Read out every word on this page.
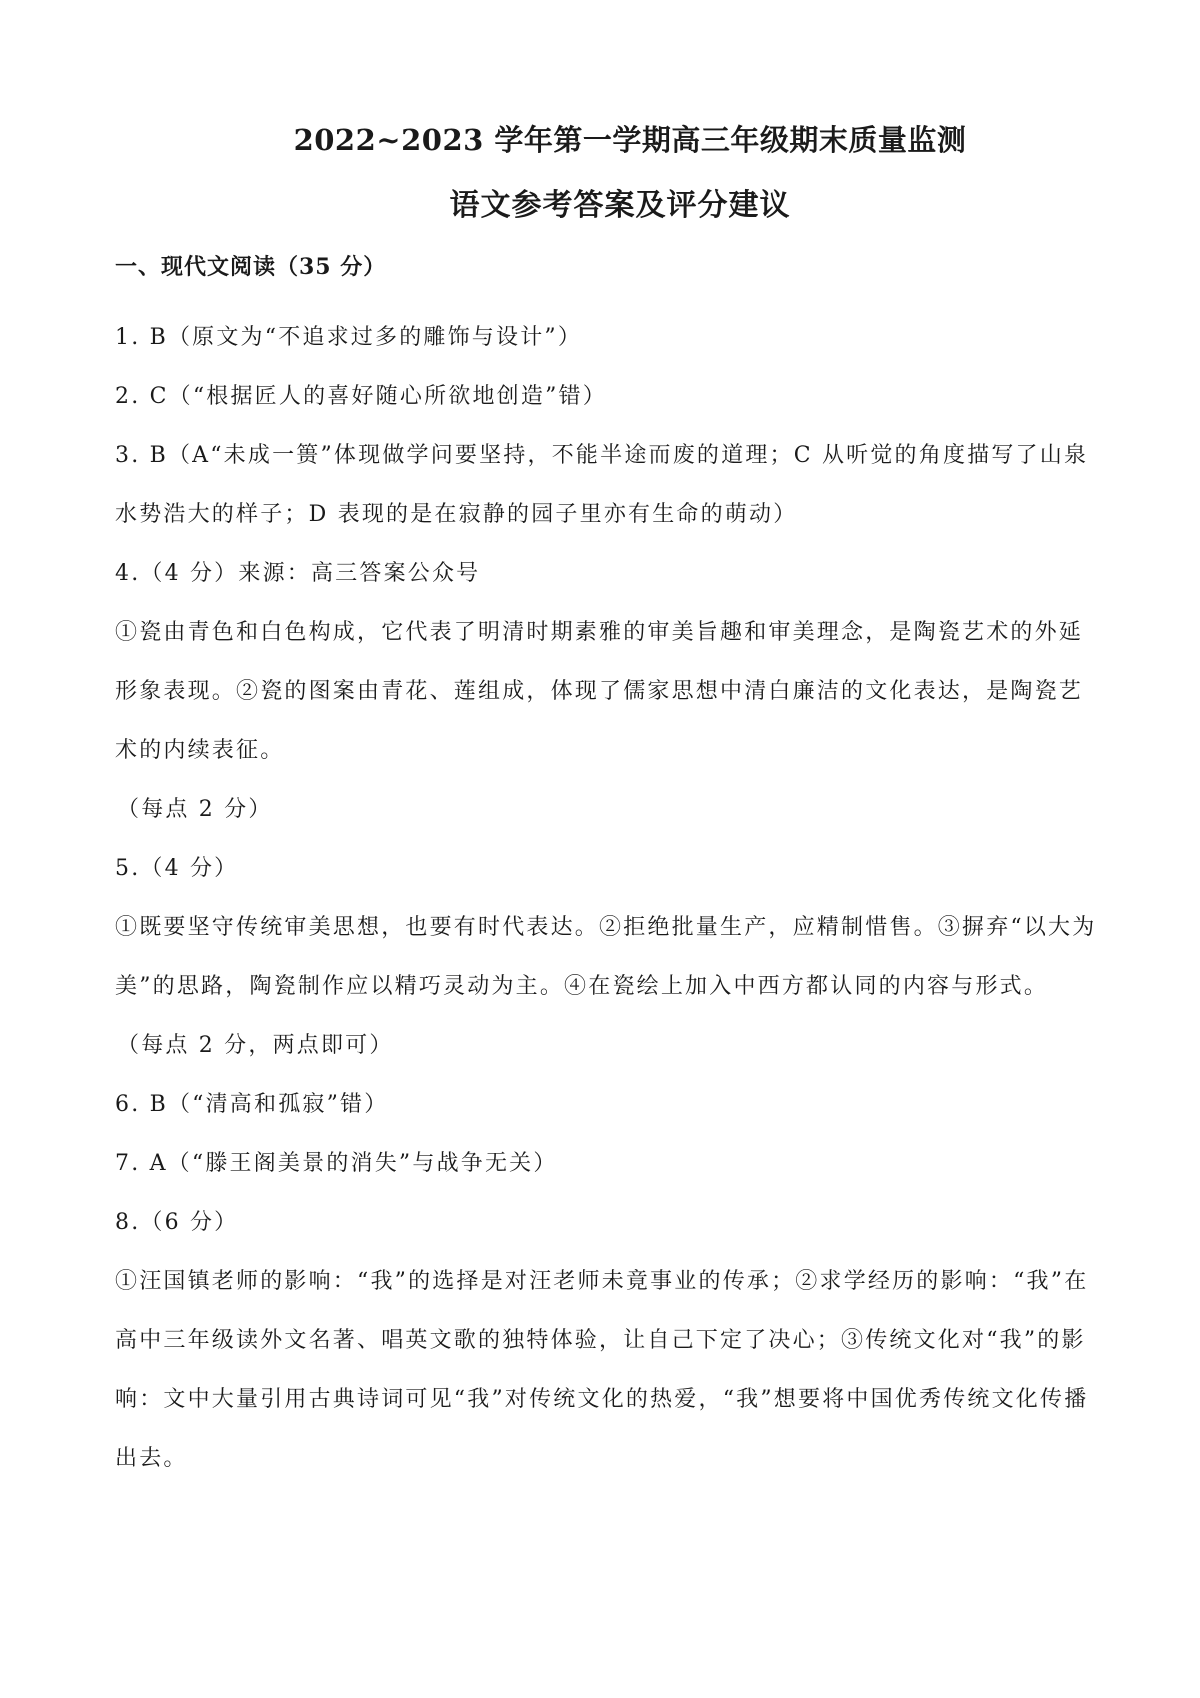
2022~2023 学年第一学期高三年级期末质量监测
语文参考答案及评分建议
一、现代文阅读（35 分）

1. B（原文为“不追求过多的雕饰与设计”）

2. C（“根据匠人的喜好随心所欲地创造”错）

3. B（A“未成一篑”体现做学问要坚持，不能半途而废的道理；C 从听觉的角度描写了山泉水势浩大的样子；D 表现的是在寂静的园子里亦有生命的萌动）

4.（4 分）来源：高三答案公众号

①瓷由青色和白色构成，它代表了明清时期素雅的审美旨趣和审美理念，是陶瓷艺术的外延形象表现。②瓷的图案由青花、莲组成，体现了儒家思想中清白廉洁的文化表达，是陶瓷艺术的内续表征。

（每点 2 分）

5.（4 分）

①既要坚守传统审美思想，也要有时代表达。②拒绝批量生产，应精制惜售。③摒弃“以大为美”的思路，陶瓷制作应以精巧灵动为主。④在瓷绘上加入中西方都认同的内容与形式。

（每点 2 分，两点即可）

6. B（“清高和孤寂”错）

7. A（“滕王阁美景的消失”与战争无关）

8.（6 分）

①汪国镇老师的影响：“我”的选择是对汪老师未竟事业的传承；②求学经历的影响：“我”在高中三年级读外文名著、唱英文歌的独特体验，让自己下定了决心；③传统文化对“我”的影响：文中大量引用古典诗词可见“我”对传统文化的热爱，“我”想要将中国优秀传统文化传播出去。
